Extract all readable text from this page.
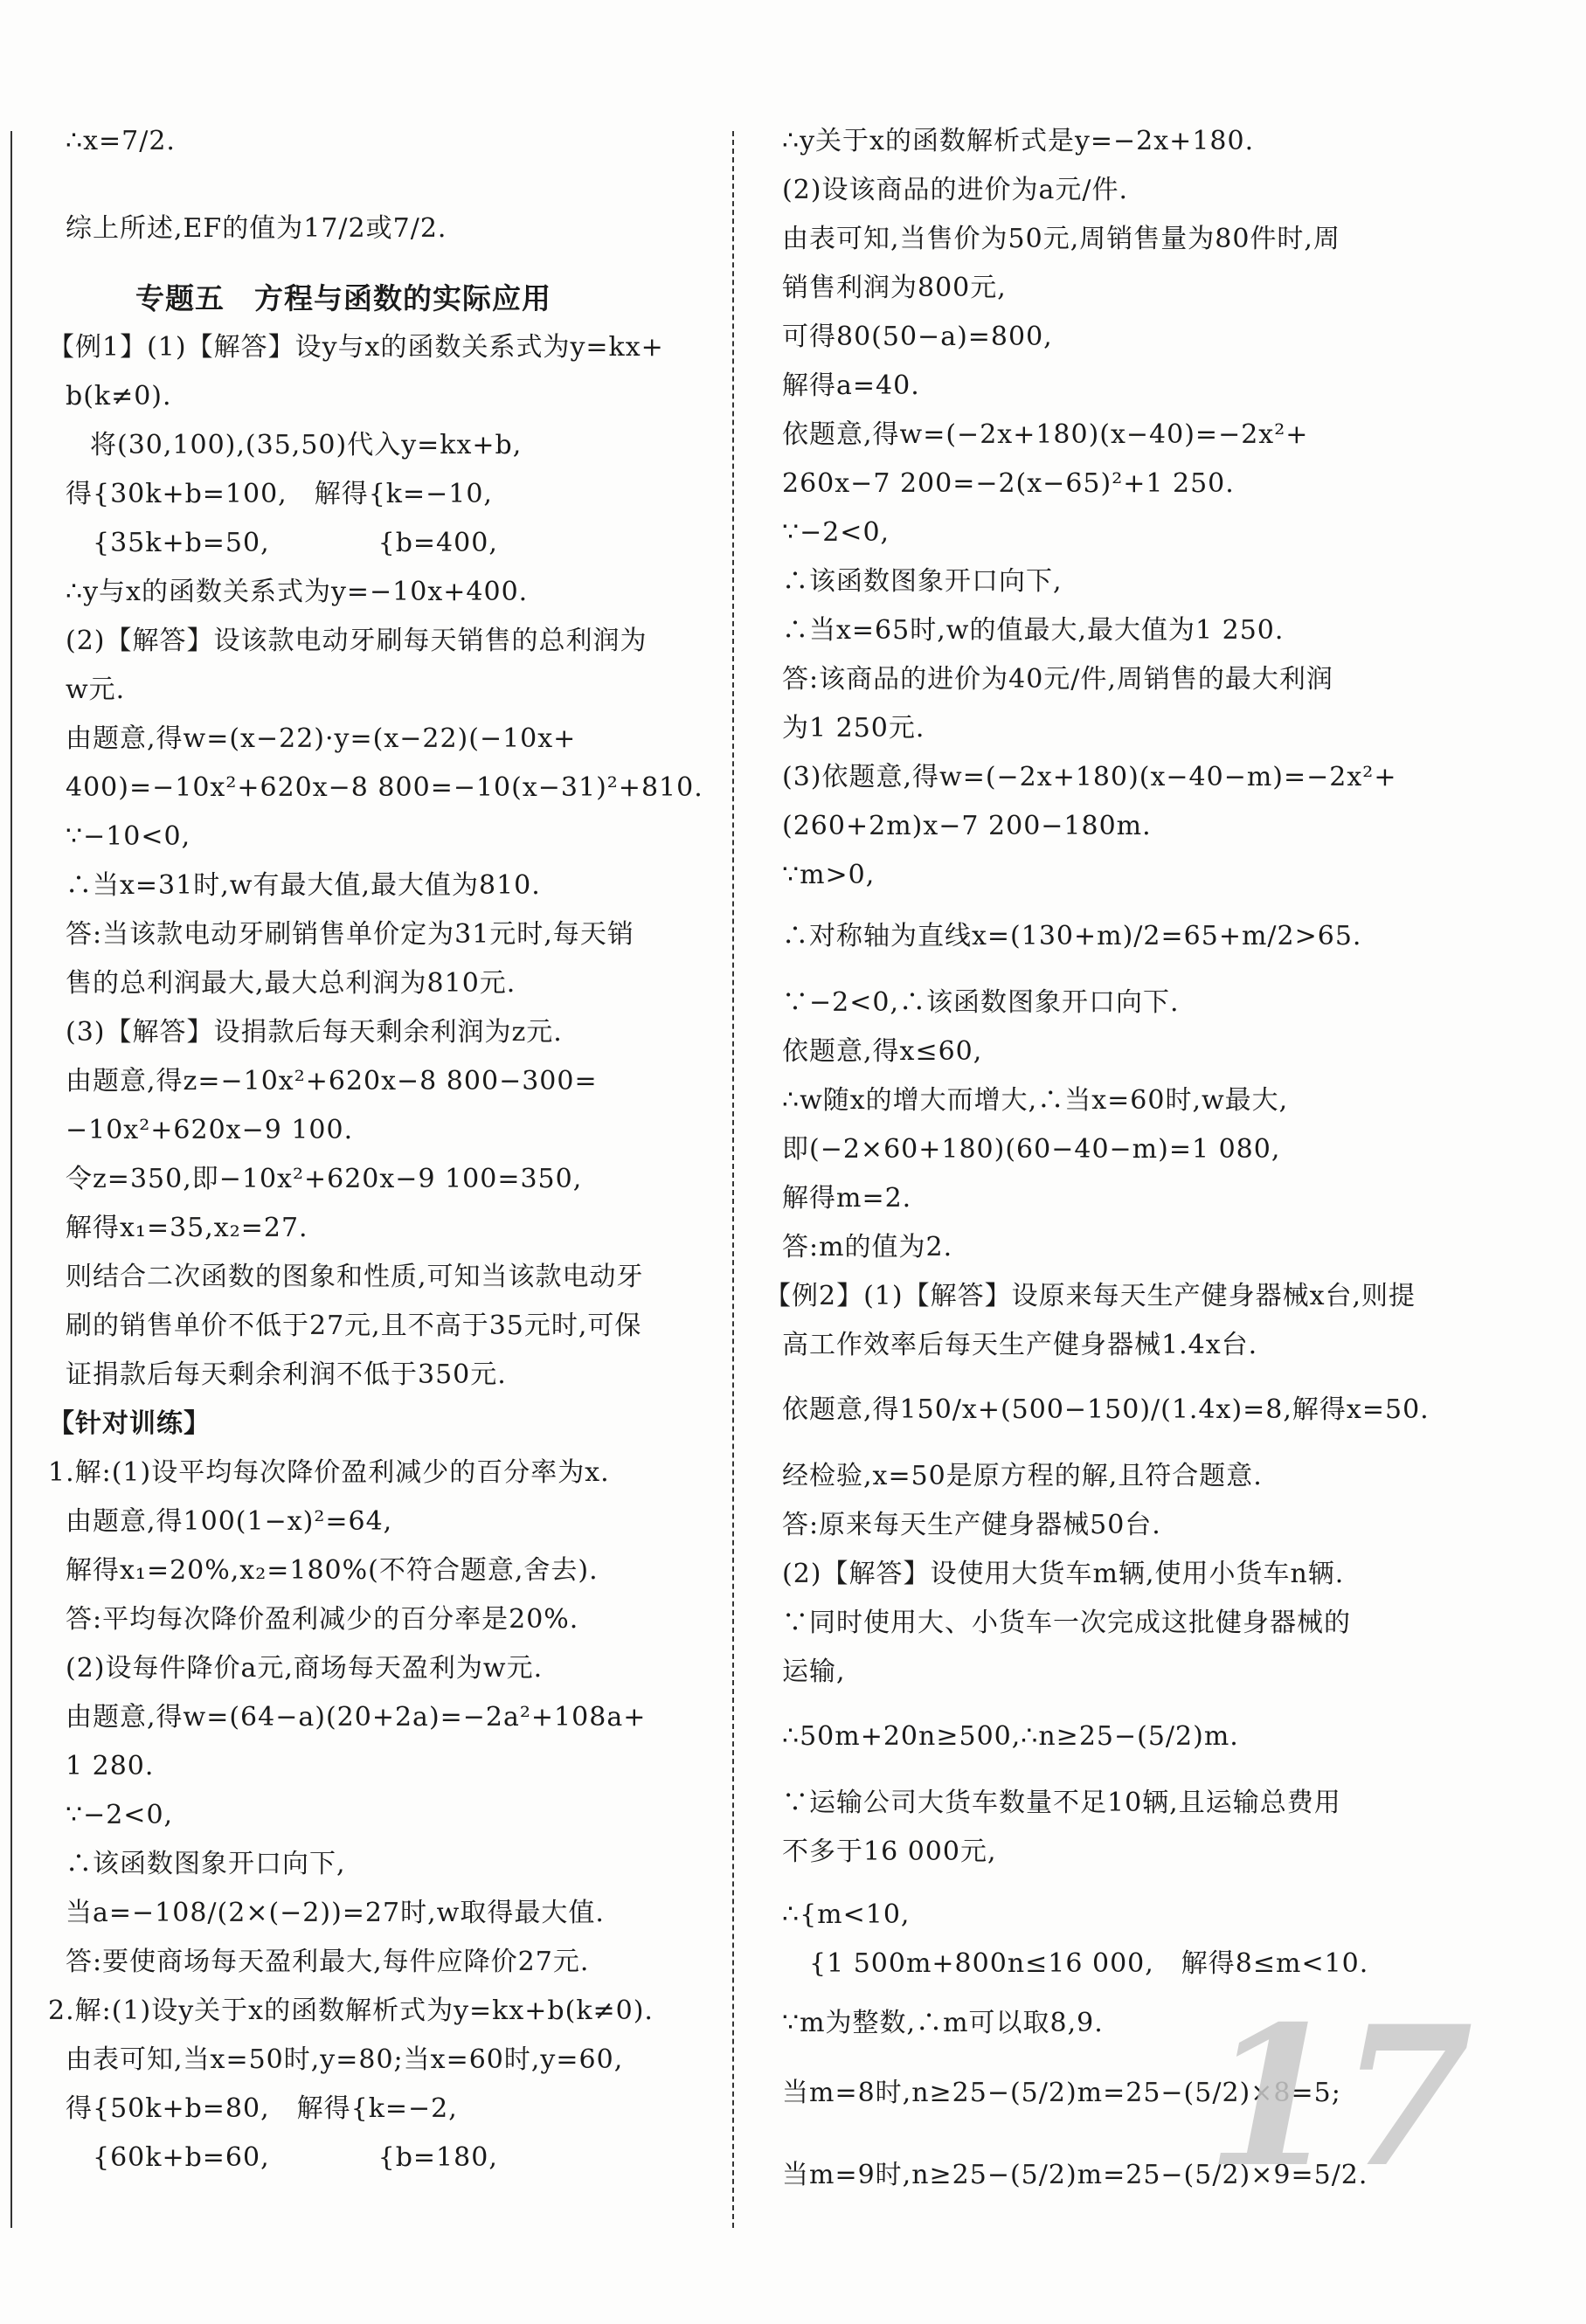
∴x=7/2.
综上所述,EF的值为17/2或7/2.
专题五　方程与函数的实际应用
【例1】(1)【解答】设y与x的函数关系式为y=kx+
b(k≠0).
将(30,100),(35,50)代入y=kx+b,
得{30k+b=100,　解得{k=−10,
　{35k+b=50,　　　　{b=400,
∴y与x的函数关系式为y=−10x+400.
(2)【解答】设该款电动牙刷每天销售的总利润为
w元.
由题意,得w=(x−22)·y=(x−22)(−10x+
400)=−10x²+620x−8 800=−10(x−31)²+810.
∵−10<0,
∴当x=31时,w有最大值,最大值为810.
答:当该款电动牙刷销售单价定为31元时,每天销
售的总利润最大,最大总利润为810元.
(3)【解答】设捐款后每天剩余利润为z元.
由题意,得z=−10x²+620x−8 800−300=
−10x²+620x−9 100.
令z=350,即−10x²+620x−9 100=350,
解得x₁=35,x₂=27.
则结合二次函数的图象和性质,可知当该款电动牙
刷的销售单价不低于27元,且不高于35元时,可保
证捐款后每天剩余利润不低于350元.
【针对训练】
1.解:(1)设平均每次降价盈利减少的百分率为x.
由题意,得100(1−x)²=64,
解得x₁=20%,x₂=180%(不符合题意,舍去).
答:平均每次降价盈利减少的百分率是20%.
(2)设每件降价a元,商场每天盈利为w元.
由题意,得w=(64−a)(20+2a)=−2a²+108a+
1 280.
∵−2<0,
∴该函数图象开口向下,
当a=−108/(2×(−2))=27时,w取得最大值.
答:要使商场每天盈利最大,每件应降价27元.
2.解:(1)设y关于x的函数解析式为y=kx+b(k≠0).
由表可知,当x=50时,y=80;当x=60时,y=60,
得{50k+b=80,　解得{k=−2,
　{60k+b=60,　　　　{b=180,
∴y关于x的函数解析式是y=−2x+180.
(2)设该商品的进价为a元/件.
由表可知,当售价为50元,周销售量为80件时,周
销售利润为800元,
可得80(50−a)=800,
解得a=40.
依题意,得w=(−2x+180)(x−40)=−2x²+
260x−7 200=−2(x−65)²+1 250.
∵−2<0,
∴该函数图象开口向下,
∴当x=65时,w的值最大,最大值为1 250.
答:该商品的进价为40元/件,周销售的最大利润
为1 250元.
(3)依题意,得w=(−2x+180)(x−40−m)=−2x²+
(260+2m)x−7 200−180m.
∵m>0,
∴对称轴为直线x=(130+m)/2=65+m/2>65.
∵−2<0,∴该函数图象开口向下.
依题意,得x≤60,
∴w随x的增大而增大,∴当x=60时,w最大,
即(−2×60+180)(60−40−m)=1 080,
解得m=2.
答:m的值为2.
【例2】(1)【解答】设原来每天生产健身器械x台,则提
高工作效率后每天生产健身器械1.4x台.
依题意,得150/x+(500−150)/(1.4x)=8,解得x=50.
经检验,x=50是原方程的解,且符合题意.
答:原来每天生产健身器械50台.
(2)【解答】设使用大货车m辆,使用小货车n辆.
∵同时使用大、小货车一次完成这批健身器械的
运输,
∴50m+20n≥500,∴n≥25−(5/2)m.
∵运输公司大货车数量不足10辆,且运输总费用
不多于16 000元,
∴{m<10,
　{1 500m+800n≤16 000,　解得8≤m<10.
∵m为整数,∴m可以取8,9.
当m=8时,n≥25−(5/2)m=25−(5/2)×8=5;
当m=9时,n≥25−(5/2)m=25−(5/2)×9=5/2.
17
